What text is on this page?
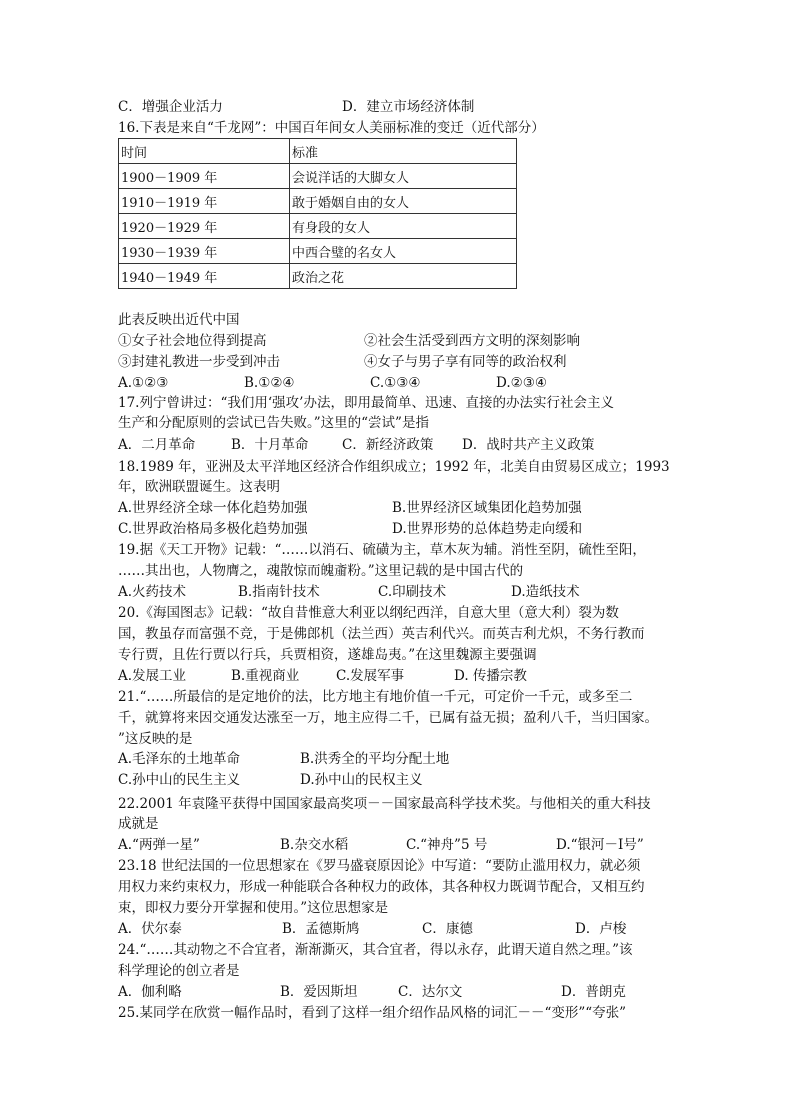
C．增强企业活力	D．建立市场经济体制
16.下表是来自“千龙网”：中国百年间女人美丽标准的变迁（近代部分）
时间	标准
1900－1909 年	会说洋话的大脚女人
1910－1919 年	敢于婚姻自由的女人
1920－1929 年	有身段的女人
1930－1939 年	中西合璧的名女人
1940－1949 年	政治之花
此表反映出近代中国
①女子社会地位得到提高	②社会生活受到西方文明的深刻影响
③封建礼教进一步受到冲击	④女子与男子享有同等的政治权利
A.①②③	B.①②④	C.①③④	D.②③④
17.列宁曾讲过：“我们用‘强攻’办法，即用最简单、迅速、直接的办法实行社会主义
生产和分配原则的尝试已告失败。”这里的“尝试”是指
A．二月革命	B．十月革命 C．新经济政策 D．战时共产主义政策
18.1989 年，亚洲及太平洋地区经济合作组织成立；1992 年，北美自由贸易区成立；1993
年，欧洲联盟诞生。这表明
A.世界经济全球一体化趋势加强	B.世界经济区域集团化趋势加强
C.世界政治格局多极化趋势加强	D.世界形势的总体趋势走向缓和
19.据《天工开物》记载：“……以消石、硫磺为主，草木灰为辅。消性至阴，硫性至阳，
……其出也，人物膺之，魂散惊而魄齑粉。”这里记载的是中国古代的
A.火药技术	B.指南针技术	C.印刷技术	D.造纸技术
20.《海国图志》记载：“故自昔惟意大利亚以纲纪西洋，自意大里（意大利）裂为数
国，教虽存而富强不竞，于是佛郎机（法兰西）英吉利代兴。而英吉利尤炽，不务行教而
专行贾，且佐行贾以行兵，兵贾相资，遂雄岛夷。”在这里魏源主要强调
A.发展工业	B.重视商业	C.发展军事	D. 传播宗教
21.“……所最信的是定地价的法，比方地主有地价值一千元，可定价一千元，或多至二
千，就算将来因交通发达涨至一万，地主应得二千，已属有益无损；盈利八千，当归国家。
”这反映的是
A.毛泽东的土地革命	B.洪秀全的平均分配土地
C.孙中山的民生主义	D.孙中山的民权主义
22.2001 年袁隆平获得中国国家最高奖项－－国家最高科学技术奖。与他相关的重大科技
成就是
A.“两弹一星”	B.杂交水稻	C.“神舟”5 号	D.“银河－Ⅰ号”
23.18 世纪法国的一位思想家在《罗马盛衰原因论》中写道：“要防止滥用权力，就必须
用权力来约束权力，形成一种能联合各种权力的政体，其各种权力既调节配合，又相互约
束，即权力要分开掌握和使用。”这位思想家是
A．伏尔泰	B．孟德斯鸠	C．康德	D．卢梭
24.“……其动物之不合宜者，渐渐澌灭，其合宜者，得以永存，此谓天道自然之理。”该
科学理论的创立者是
A．伽利略	B．爱因斯坦	C．达尔文	D．普朗克
25.某同学在欣赏一幅作品时，看到了这样一组介绍作品风格的词汇－－“变形”“夸张”
